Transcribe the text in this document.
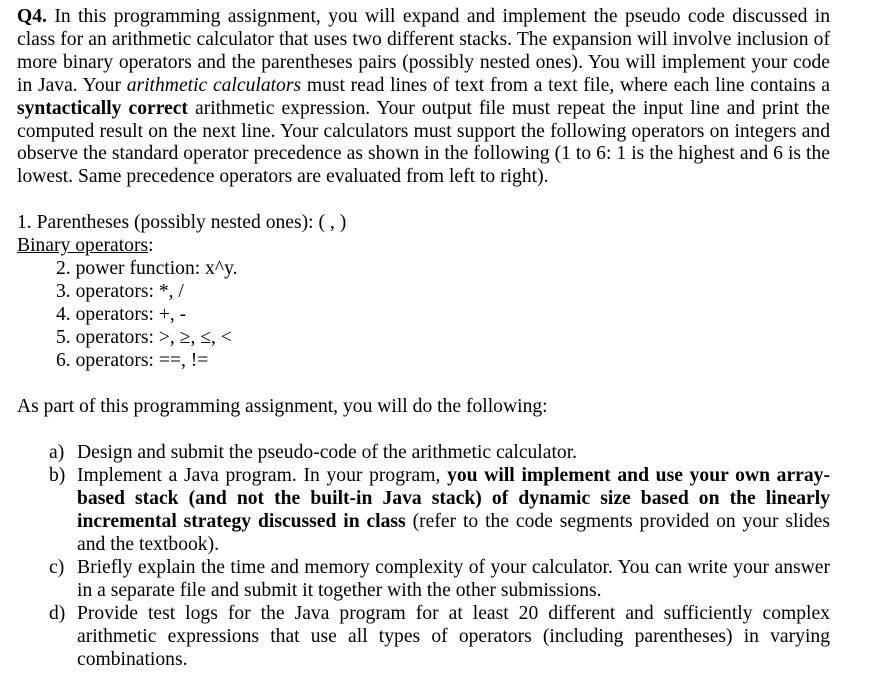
Q4. In this programming assignment, you will expand and implement the pseudo code discussed in class for an arithmetic calculator that uses two different stacks. The expansion will involve inclusion of more binary operators and the parentheses pairs (possibly nested ones). You will implement your code in Java. Your arithmetic calculators must read lines of text from a text file, where each line contains a syntactically correct arithmetic expression. Your output file must repeat the input line and print the computed result on the next line. Your calculators must support the following operators on integers and observe the standard operator precedence as shown in the following (1 to 6: 1 is the highest and 6 is the lowest. Same precedence operators are evaluated from left to right).

1. Parentheses (possibly nested ones): ( , )
Binary operators:
2. power function: x^y.
3. operators: *, /
4. operators: +, -
5. operators: >, ≥, ≤, <
6. operators: ==, !=

As part of this programming assignment, you will do the following:

a) Design and submit the pseudo-code of the arithmetic calculator.
b) Implement a Java program. In your program, you will implement and use your own array-based stack (and not the built-in Java stack) of dynamic size based on the linearly incremental strategy discussed in class (refer to the code segments provided on your slides and the textbook).
c) Briefly explain the time and memory complexity of your calculator. You can write your answer in a separate file and submit it together with the other submissions.
d) Provide test logs for the Java program for at least 20 different and sufficiently complex arithmetic expressions that use all types of operators (including parentheses) in varying combinations.
